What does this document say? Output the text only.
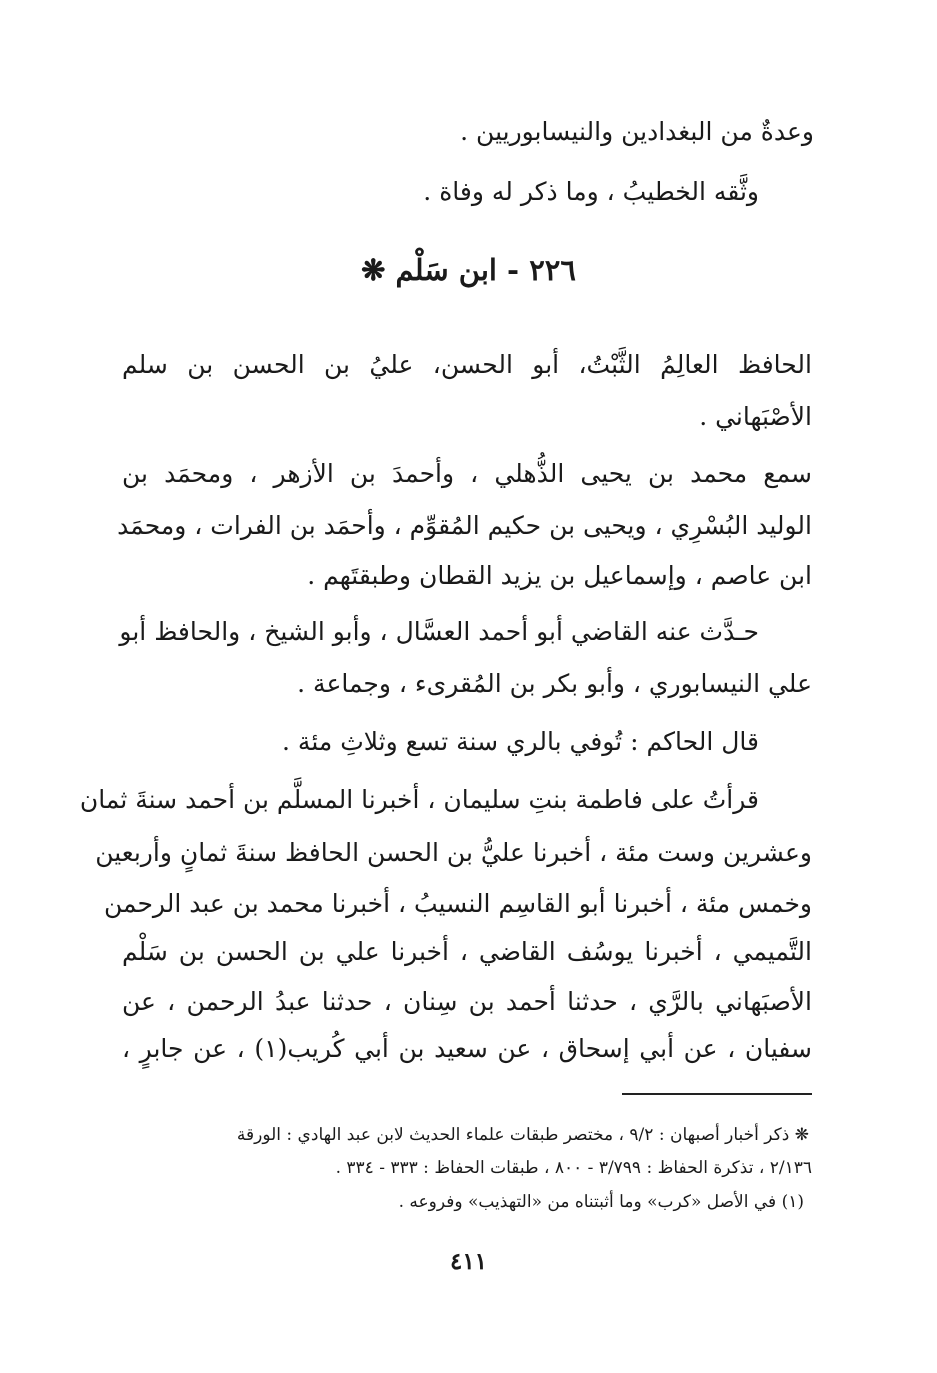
وعدةٌ من البغدادين والنيسابوريين .
وثَّقه الخطيبُ ، وما ذكر له وفاة .
٢٢٦ - ابن سَلْم ❋
الحافظ العالِمُ الثَّبْتُ، أبو الحسن، عليُ بن الحسن بن سلم
الأصْبَهاني .
سمع محمد بن يحيى الذُّهلي ، وأحمدَ بن الأزهر ، ومحمَد بن
الوليد البُسْرِي ، ويحيى بن حكيم المُقوِّم ، وأحمَد بن الفرات ، ومحمَد
ابن عاصم ، وإسماعيل بن يزيد القطان وطبقتَهم .
حـدَّث عنه القاضي أبو أحمد العسَّال ، وأبو الشيخ ، والحافظ أبو
علي النيسابوري ، وأبو بكر بن المُقرىء ، وجماعة .
قال الحاكم : تُوفي بالري سنة تسع وثلاثِ مئة .
قرأتُ على فاطمة بنتِ سليمان ، أخبرنا المسلَّم بن أحمد سنةَ ثمان
وعشرين وست مئة ، أخبرنا عليُّ بن الحسن الحافظ سنةَ ثمانٍ وأربعين
وخمس مئة ، أخبرنا أبو القاسِم النسيبُ ، أخبرنا محمد بن عبد الرحمن
التَّميمي ، أخبرنا يوسُف القاضي ، أخبرنا علي بن الحسن بن سَلْم
الأصبَهاني بالرَّي ، حدثنا أحمد بن سِنان ، حدثنا عبدُ الرحمن ، عن
سفيان ، عن أبي إسحاق ، عن سعيد بن أبي كُريب(١) ، عن جابرٍ ،
❋ ذكر أخبار أصبهان : ٩/٢ ، مختصر طبقات علماء الحديث لابن عبد الهادي : الورقة
٢/١٣٦ ، تذكرة الحفاظ : ٣/٧٩٩ - ٨٠٠ ، طبقات الحفاظ : ٣٣٣ - ٣٣٤ .
(١) في الأصل «كرب» وما أثبتناه من «التهذيب» وفروعه .
٤١١
